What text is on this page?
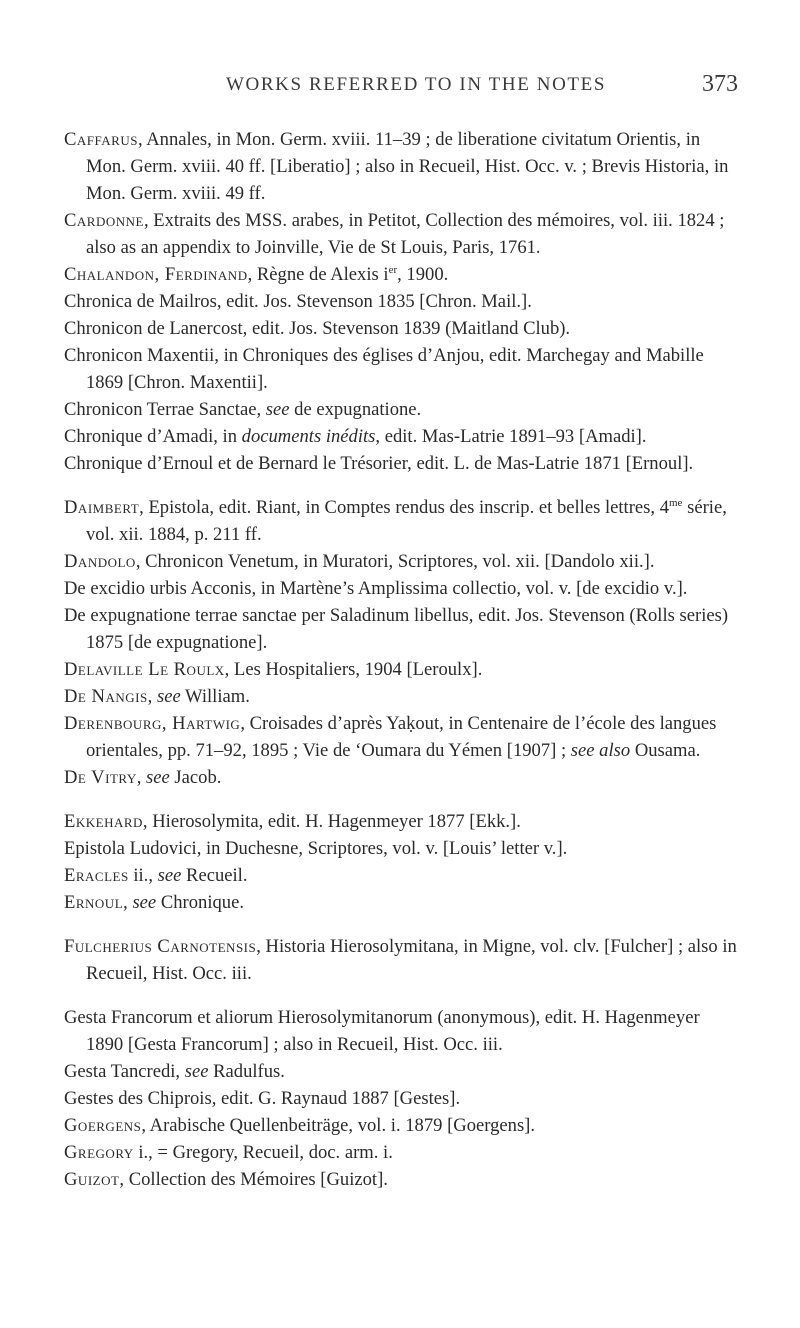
WORKS REFERRED TO IN THE NOTES	373
Caffarus, Annales, in Mon. Germ. xviii. 11–39 ; de liberatione civitatum Orientis, in Mon. Germ. xviii. 40 ff. [Liberatio] ; also in Recueil, Hist. Occ. v. ; Brevis Historia, in Mon. Germ. xviii. 49 ff.
Cardonne, Extraits des MSS. arabes, in Petitot, Collection des mémoires, vol. iii. 1824 ; also as an appendix to Joinville, Vie de St Louis, Paris, 1761.
Chalandon, Ferdinand, Règne de Alexis $i^{er}$, 1900.
Chronica de Mailros, edit. Jos. Stevenson 1835 [Chron. Mail.].
Chronicon de Lanercost, edit. Jos. Stevenson 1839 (Maitland Club).
Chronicon Maxentii, in Chroniques des églises d’Anjou, edit. Marchegay and Mabille 1869 [Chron. Maxentii].
Chronicon Terrae Sanctae, see de expugnatione.
Chronique d’Amadi, in documents inédits, edit. Mas-Latrie 1891–93 [Amadi].
Chronique d’Ernoul et de Bernard le Trésorier, edit. L. de Mas-Latrie 1871 [Ernoul].
Daimbert, Epistola, edit. Riant, in Comptes rendus des inscrip. et belles lettres, $4^{me}$ série, vol. xii. 1884, p. 211 ff.
Dandolo, Chronicon Venetum, in Muratori, Scriptores, vol. xii. [Dandolo xii.].
De excidio urbis Acconis, in Martène’s Amplissima collectio, vol. v. [de excidio v.].
De expugnatione terrae sanctae per Saladinum libellus, edit. Jos. Stevenson (Rolls series) 1875 [de expugnatione].
Delaville Le Roulx, Les Hospitaliers, 1904 [Leroulx].
De Nangis, see William.
Derenbourg, Hartwig, Croisades d’après Yaḳout, in Centenaire de l’école des langues orientales, pp. 71–92, 1895 ; Vie de ‘Oumara du Yémen [1907] ; see also Ousama.
De Vitry, see Jacob.
Ekkehard, Hierosolymita, edit. H. Hagenmeyer 1877 [Ekk.].
Epistola Ludovici, in Duchesne, Scriptores, vol. v. [Louis’ letter v.].
Eracles ii., see Recueil.
Ernoul, see Chronique.
Fulcherius Carnotensis, Historia Hierosolymitana, in Migne, vol. clv. [Fulcher] ; also in Recueil, Hist. Occ. iii.
Gesta Francorum et aliorum Hierosolymitanorum (anonymous), edit. H. Hagenmeyer 1890 [Gesta Francorum] ; also in Recueil, Hist. Occ. iii.
Gesta Tancredi, see Radulfus.
Gestes des Chiprois, edit. G. Raynaud 1887 [Gestes].
Goergens, Arabische Quellenbeiträge, vol. i. 1879 [Goergens].
Gregory i., = Gregory, Recueil, doc. arm. i.
Guizot, Collection des Mémoires [Guizot].
